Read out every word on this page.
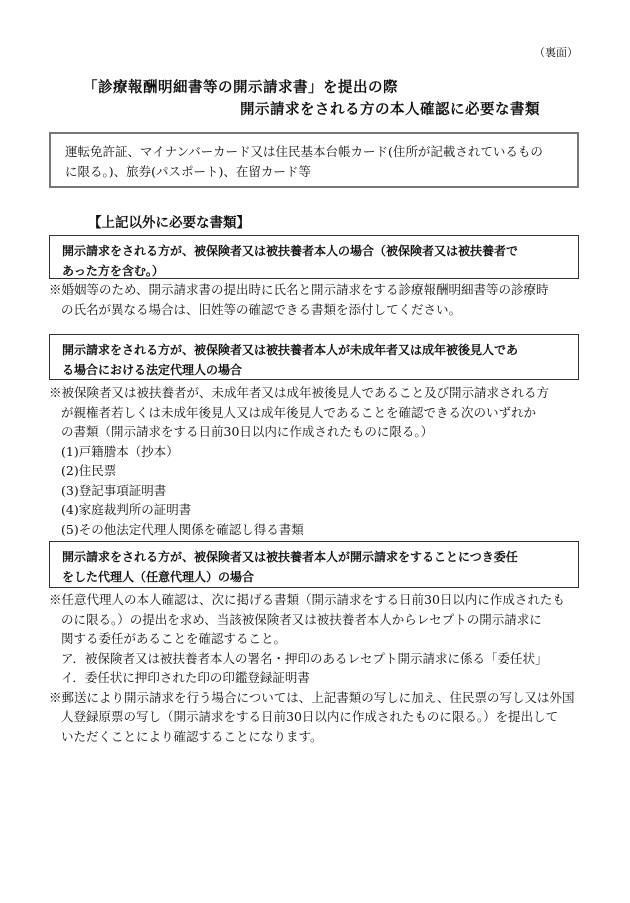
（裏面）
「診療報酬明細書等の開示請求書」を提出の際
開示請求をされる方の本人確認に必要な書類
運転免許証、マイナンバーカード又は住民基本台帳カード(住所が記載されているもの
に限る。)、旅券(パスポート)、在留カード等
【上記以外に必要な書類】
開示請求をされる方が、被保険者又は被扶養者本人の場合（被保険者又は被扶養者で
あった方を含む。）

※婚姻等のため、開示請求書の提出時に氏名と開示請求をする診療報酬明細書等の診療時

の氏名が異なる場合は、旧姓等の確認できる書類を添付してください。

開示請求をされる方が、被保険者又は被扶養者本人が未成年者又は成年被後見人であ
る場合における法定代理人の場合

※被保険者又は被扶養者が、未成年者又は成年被後見人であること及び開示請求される方

が親権者若しくは未成年後見人又は成年後見人であることを確認できる次のいずれか

の書類（開示請求をする日前30日以内に作成されたものに限る。）

(1)戸籍謄本（抄本）

(2)住民票

(3)登記事項証明書

(4)家庭裁判所の証明書

(5)その他法定代理人関係を確認し得る書類

開示請求をされる方が、被保険者又は被扶養者本人が開示請求をすることにつき委任
をした代理人（任意代理人）の場合

※任意代理人の本人確認は、次に掲げる書類（開示請求をする日前30日以内に作成されたも

のに限る。）の提出を求め、当該被保険者又は被扶養者本人からレセプトの開示請求に

関する委任があることを確認すること。

ア．被保険者又は被扶養者本人の署名・押印のあるレセプト開示請求に係る「委任状」

イ．委任状に押印された印の印鑑登録証明書

※郵送により開示請求を行う場合については、上記書類の写しに加え、住民票の写し又は外国

人登録原票の写し（開示請求をする日前30日以内に作成されたものに限る。）を提出して

いただくことにより確認することになります。
